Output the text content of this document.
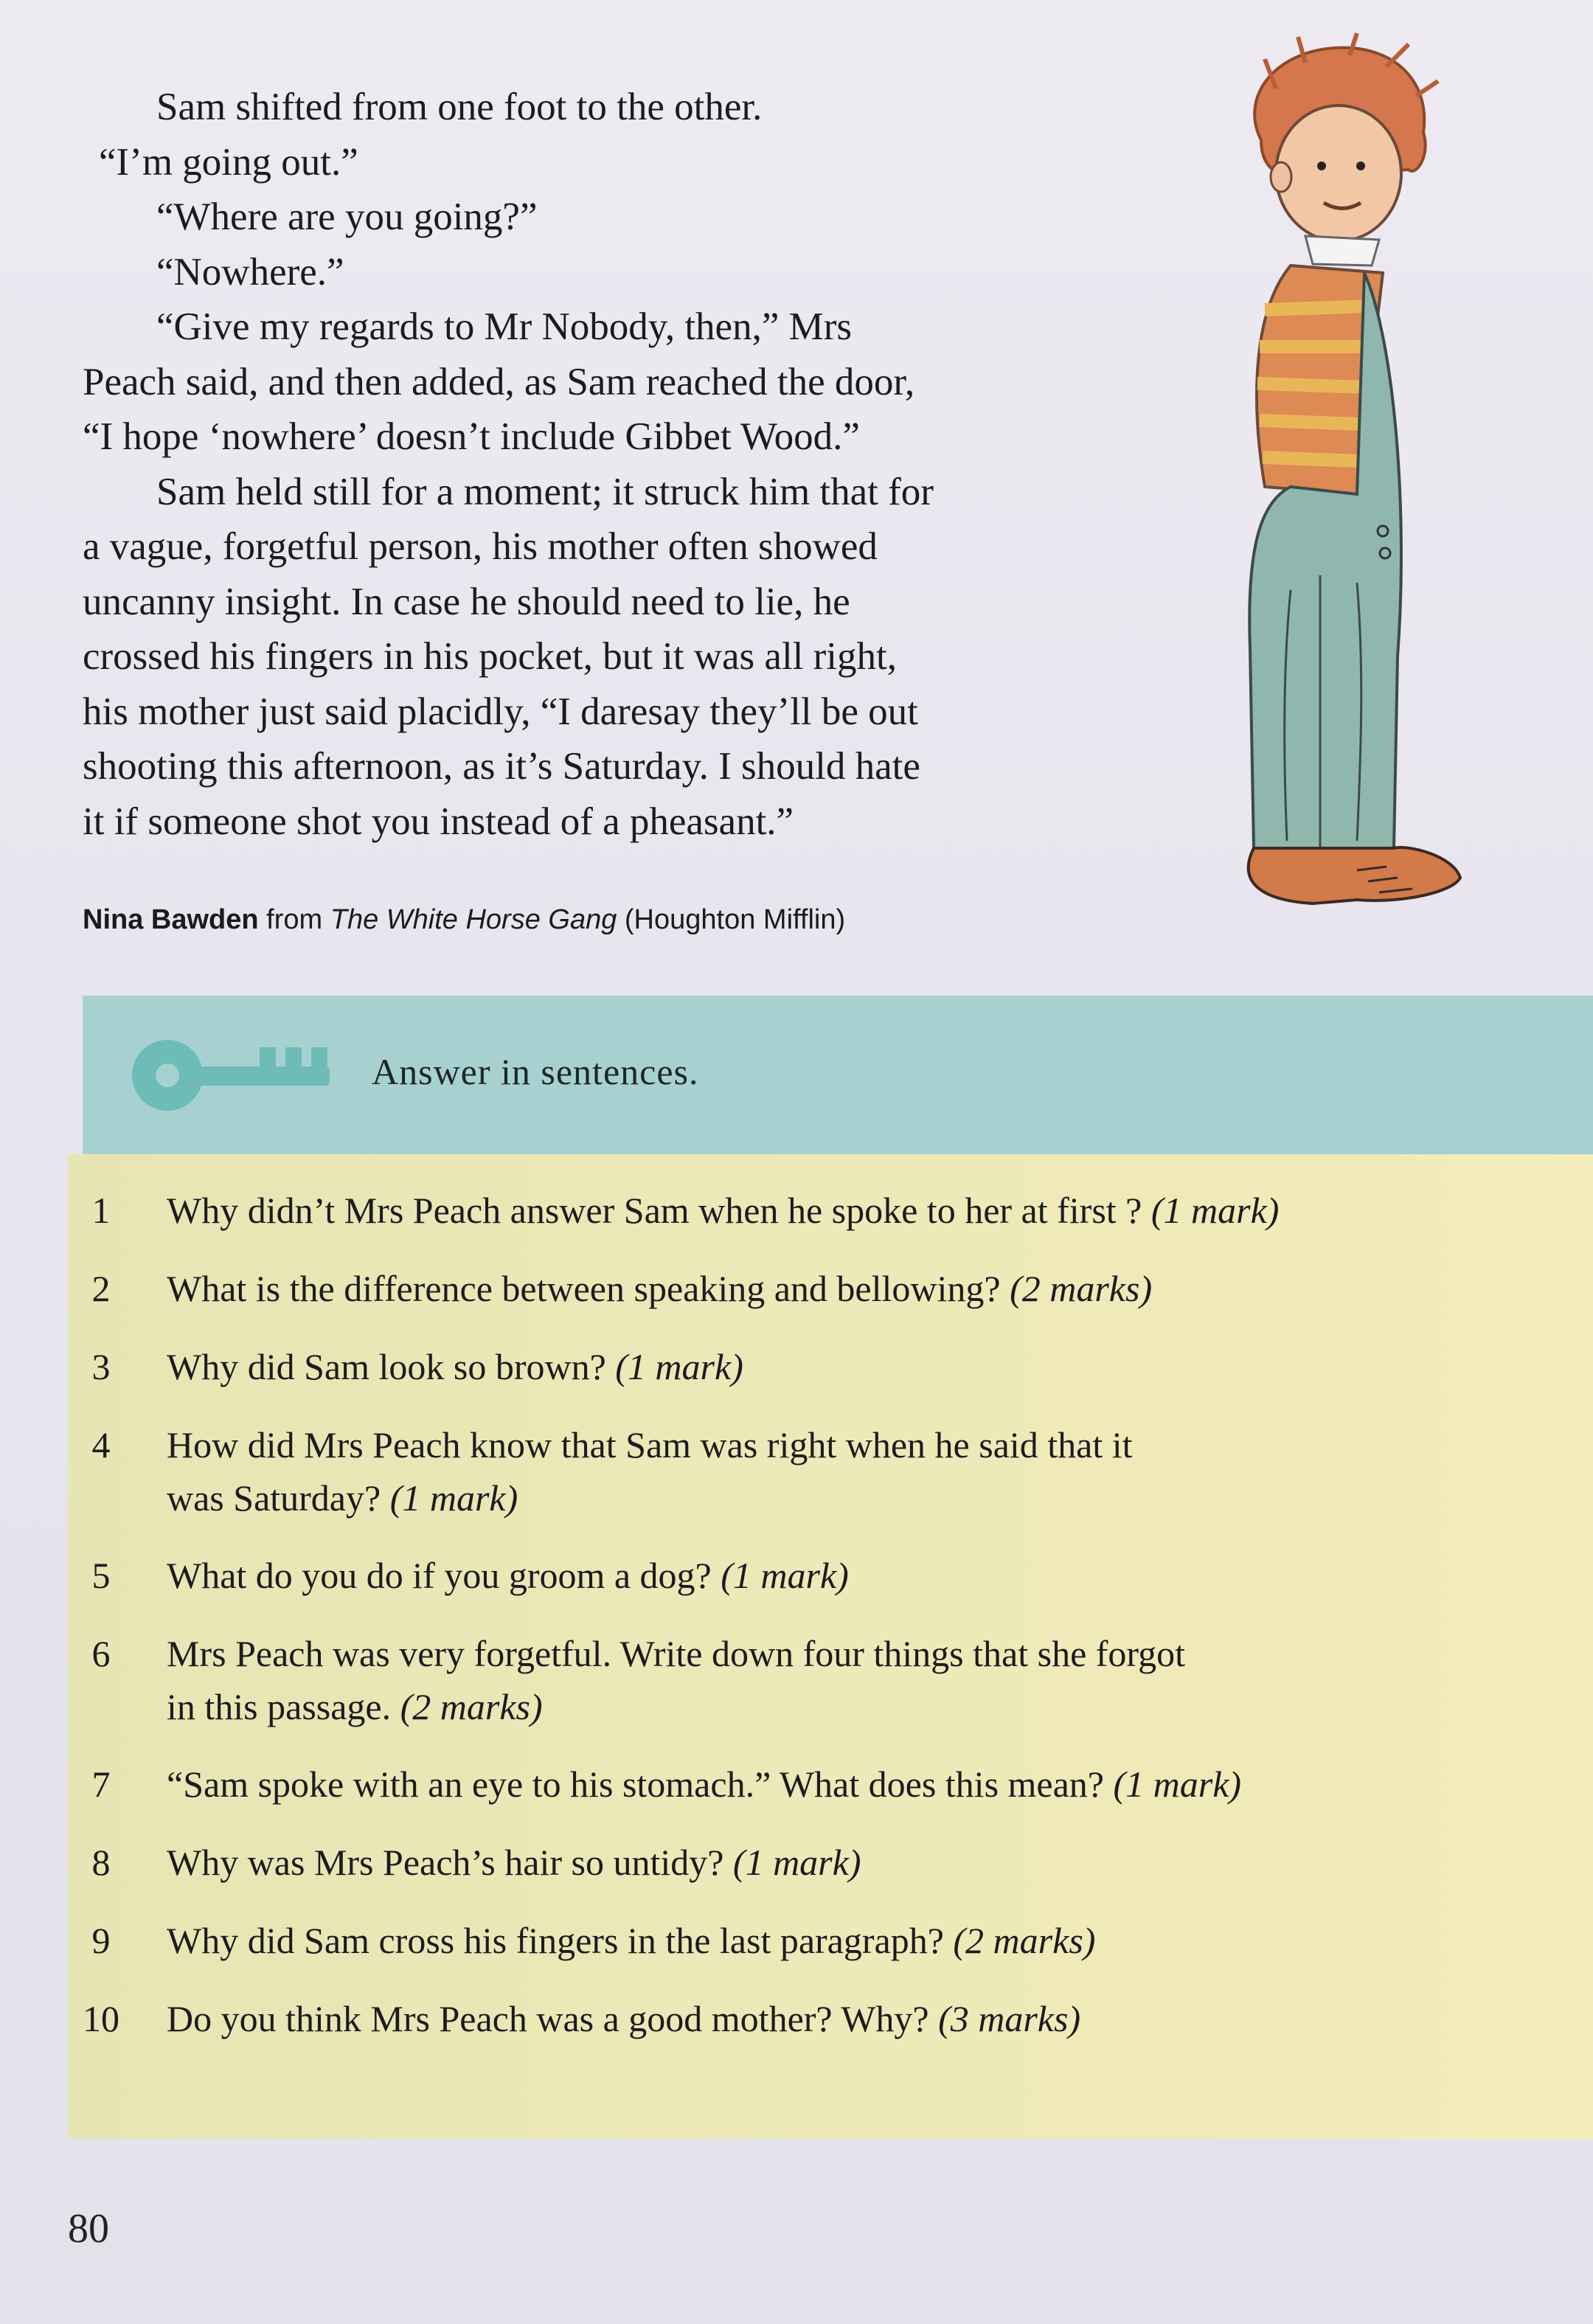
Sam shifted from one foot to the other.

“I’m going out.”

“Where are you going?”

“Nowhere.”

“Give my regards to Mr Nobody, then,” Mrs

Peach said, and then added, as Sam reached the door,

“I hope ‘nowhere’ doesn’t include Gibbet Wood.”

Sam held still for a moment; it struck him that for

a vague, forgetful person, his mother often showed

uncanny insight. In case he should need to lie, he

crossed his fingers in his pocket, but it was all right,

his mother just said placidly, “I daresay they’ll be out

shooting this afternoon, as it’s Saturday. I should hate

it if someone shot you instead of a pheasant.”

Nina Bawden from The White Horse Gang (Houghton Mifflin)
Answer in sentences.
1	Why didn’t Mrs Peach answer Sam when he spoke to her at first ? (1 mark)
2	What is the difference between speaking and bellowing? (2 marks)
3	Why did Sam look so brown? (1 mark)
4	How did Mrs Peach know that Sam was right when he said that it
was Saturday? (1 mark)
5	What do you do if you groom a dog? (1 mark)
6	Mrs Peach was very forgetful. Write down four things that she forgot
in this passage. (2 marks)
7	“Sam spoke with an eye to his stomach.” What does this mean? (1 mark)
8	Why was Mrs Peach’s hair so untidy? (1 mark)
9	Why did Sam cross his fingers in the last paragraph? (2 marks)
10	Do you think Mrs Peach was a good mother? Why? (3 marks)
80
